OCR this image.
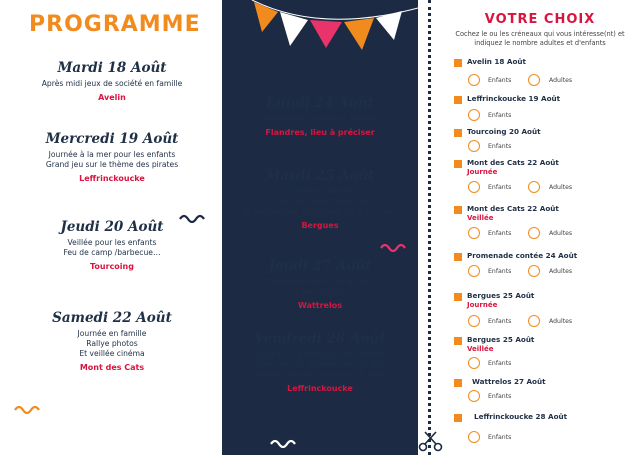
PROGRAMME
Mardi 18 Août
Après midi jeux de société en famille
Avelin
Mercredi 19 Août
Journée à la mer pour les enfants
Grand jeu sur le thème des pirates
Leffrinckoucke
Jeudi 20 Août
Veillée pour les enfants
Feu de camp /barbecue…
Tourcoing
Samedi 22 Août
Journée en famille
Rallye photos
Et veillée cinéma
Mont des Cats
Lundi 24 Août
Promenade contée en famille
Flandres, lieu à préciser
Mardi 25 Août
Journée en famille
Grand jeu de piste en ville
Et veillée pour les enfants de 8 à 13 ans
Bergues
Jeudi 27 Août
Olympiades pour les enfants
au parc du Lion
Wattrelos
Vendredi 28 Août
Journée à la mer pour les enfants
Grand jeu sur le thème des pirates
(même programme que le 19 Août)
Leffrinckoucke
VOTRE CHOIX
Cochez le ou les créneaux qui vous intéresse(nt) et indiquez le nombre adultes et d'enfants
Avelin 18 Août
Enfants	Adultes
Leffrinckoucke 19 Août
Enfants
Tourcoing 20 Août
Enfants
Mont des Cats 22 Août
Journée
Enfants	Adultes
Mont des Cats 22 Août
Veillée
Enfants	Adultes
Promenade contée 24 Août
Enfants	Adultes
Bergues 25 Août
Journée
Enfants	Adultes
Bergues 25 Août
Veillée
Enfants
Wattrelos 27 Août
Enfants
Leffrinckoucke 28 Août
Enfants
